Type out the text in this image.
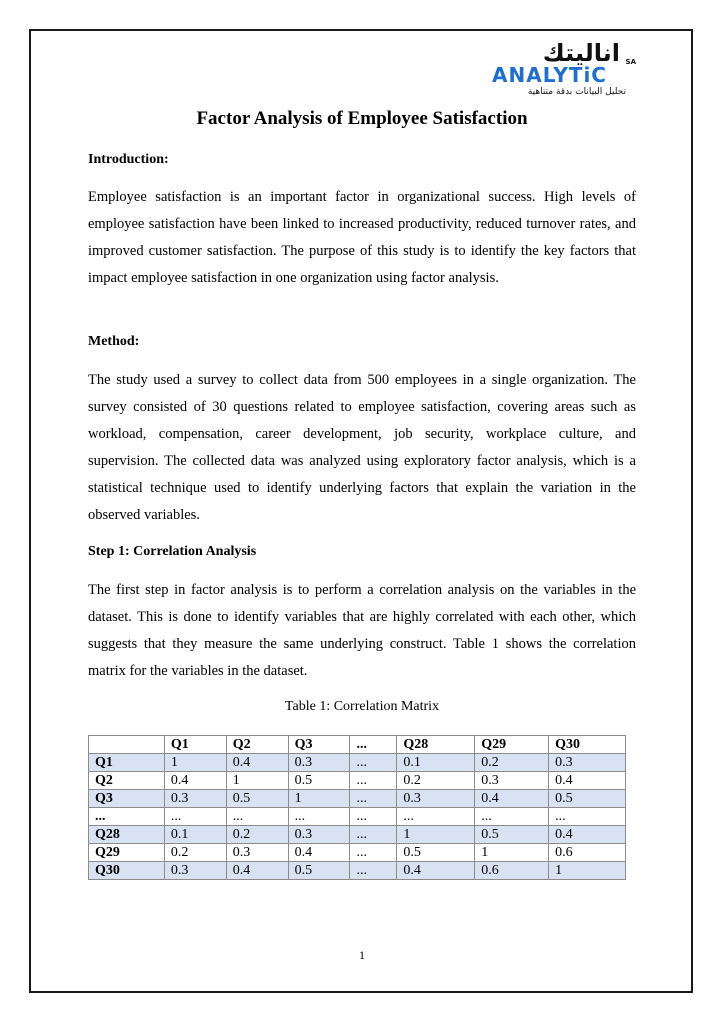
انالیتك
ANALYTiC
SA
تحليل البيانات بدقة متناهية
Factor Analysis of Employee Satisfaction
Introduction:
Employee satisfaction is an important factor in organizational success. High levels of employee satisfaction have been linked to increased productivity, reduced turnover rates, and improved customer satisfaction. The purpose of this study is to identify the key factors that impact employee satisfaction in one organization using factor analysis.
Method:
The study used a survey to collect data from 500 employees in a single organization. The survey consisted of 30 questions related to employee satisfaction, covering areas such as workload, compensation, career development, job security, workplace culture, and supervision. The collected data was analyzed using exploratory factor analysis, which is a statistical technique used to identify underlying factors that explain the variation in the observed variables.
Step 1: Correlation Analysis
The first step in factor analysis is to perform a correlation analysis on the variables in the dataset. This is done to identify variables that are highly correlated with each other, which suggests that they measure the same underlying construct. Table 1 shows the correlation matrix for the variables in the dataset.
Table 1: Correlation Matrix
	Q1	Q2	Q3	...	Q28	Q29	Q30
Q1	1	0.4	0.3	...	0.1	0.2	0.3
Q2	0.4	1	0.5	...	0.2	0.3	0.4
Q3	0.3	0.5	1	...	0.3	0.4	0.5
...	...	...	...	...	...	...	...
Q28	0.1	0.2	0.3	...	1	0.5	0.4
Q29	0.2	0.3	0.4	...	0.5	1	0.6
Q30	0.3	0.4	0.5	...	0.4	0.6	1
1
